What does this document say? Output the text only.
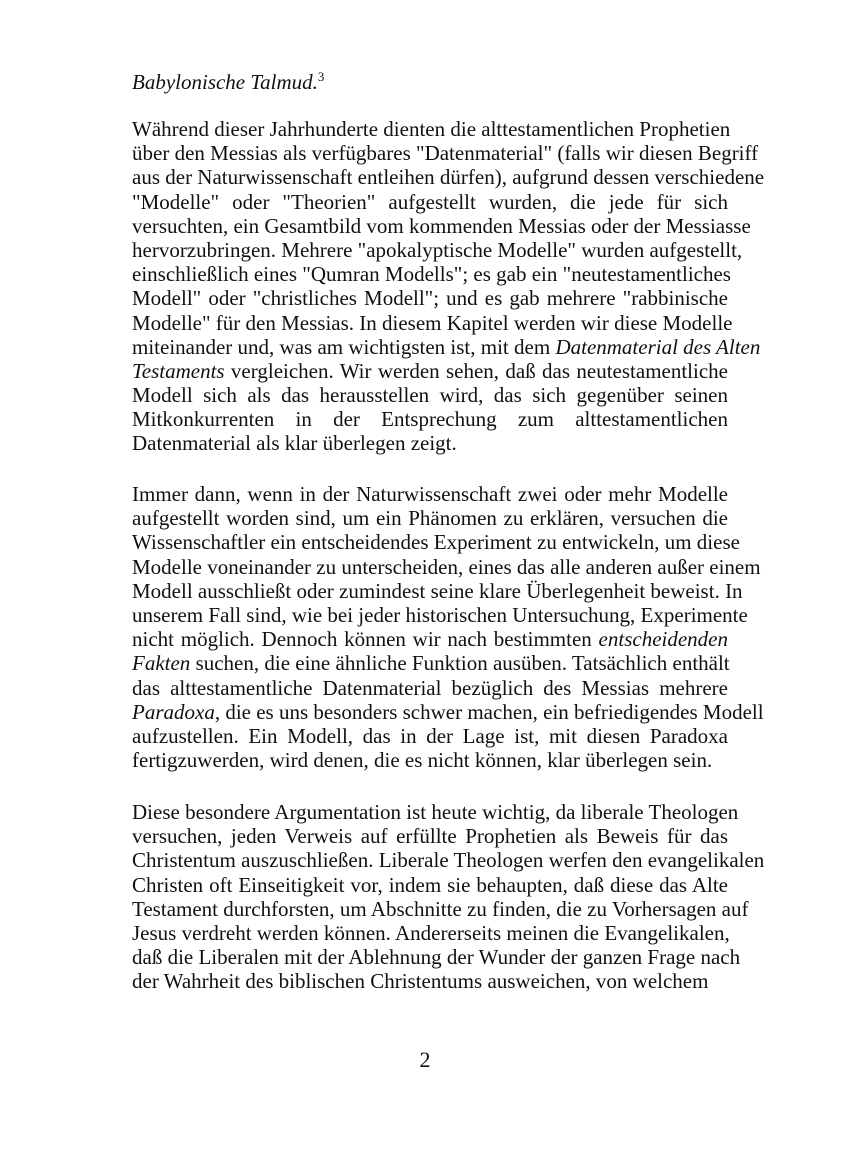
Babylonische Talmud.$^3$
Während dieser Jahrhunderte dienten die alttestamentlichen Prophetien
über den Messias als verfügbares "Datenmaterial" (falls wir diesen Begriff
aus der Naturwissenschaft entleihen dürfen), aufgrund dessen verschiedene
"Modelle" oder "Theorien" aufgestellt wurden, die jede für sich
versuchten, ein Gesamtbild vom kommenden Messias oder der Messiasse
hervorzubringen. Mehrere "apokalyptische Modelle" wurden aufgestellt,
einschließlich eines "Qumran Modells"; es gab ein "neutestamentliches
Modell" oder "christliches Modell"; und es gab mehrere "rabbinische
Modelle" für den Messias. In diesem Kapitel werden wir diese Modelle
miteinander und, was am wichtigsten ist, mit dem Datenmaterial des Alten
Testaments vergleichen. Wir werden sehen, daß das neutestamentliche
Modell sich als das herausstellen wird, das sich gegenüber seinen
Mitkonkurrenten in der Entsprechung zum alttestamentlichen
Datenmaterial als klar überlegen zeigt.
Immer dann, wenn in der Naturwissenschaft zwei oder mehr Modelle
aufgestellt worden sind, um ein Phänomen zu erklären, versuchen die
Wissenschaftler ein entscheidendes Experiment zu entwickeln, um diese
Modelle voneinander zu unterscheiden, eines das alle anderen außer einem
Modell ausschließt oder zumindest seine klare Überlegenheit beweist. In
unserem Fall sind, wie bei jeder historischen Untersuchung, Experimente
nicht möglich. Dennoch können wir nach bestimmten entscheidenden
Fakten suchen, die eine ähnliche Funktion ausüben. Tatsächlich enthält
das alttestamentliche Datenmaterial bezüglich des Messias mehrere
Paradoxa, die es uns besonders schwer machen, ein befriedigendes Modell
aufzustellen. Ein Modell, das in der Lage ist, mit diesen Paradoxa
fertigzuwerden, wird denen, die es nicht können, klar überlegen sein.
Diese besondere Argumentation ist heute wichtig, da liberale Theologen
versuchen, jeden Verweis auf erfüllte Prophetien als Beweis für das
Christentum auszuschließen. Liberale Theologen werfen den evangelikalen
Christen oft Einseitigkeit vor, indem sie behaupten, daß diese das Alte
Testament durchforsten, um Abschnitte zu finden, die zu Vorhersagen auf
Jesus verdreht werden können. Andererseits meinen die Evangelikalen,
daß die Liberalen mit der Ablehnung der Wunder der ganzen Frage nach
der Wahrheit des biblischen Christentums ausweichen, von welchem
2
